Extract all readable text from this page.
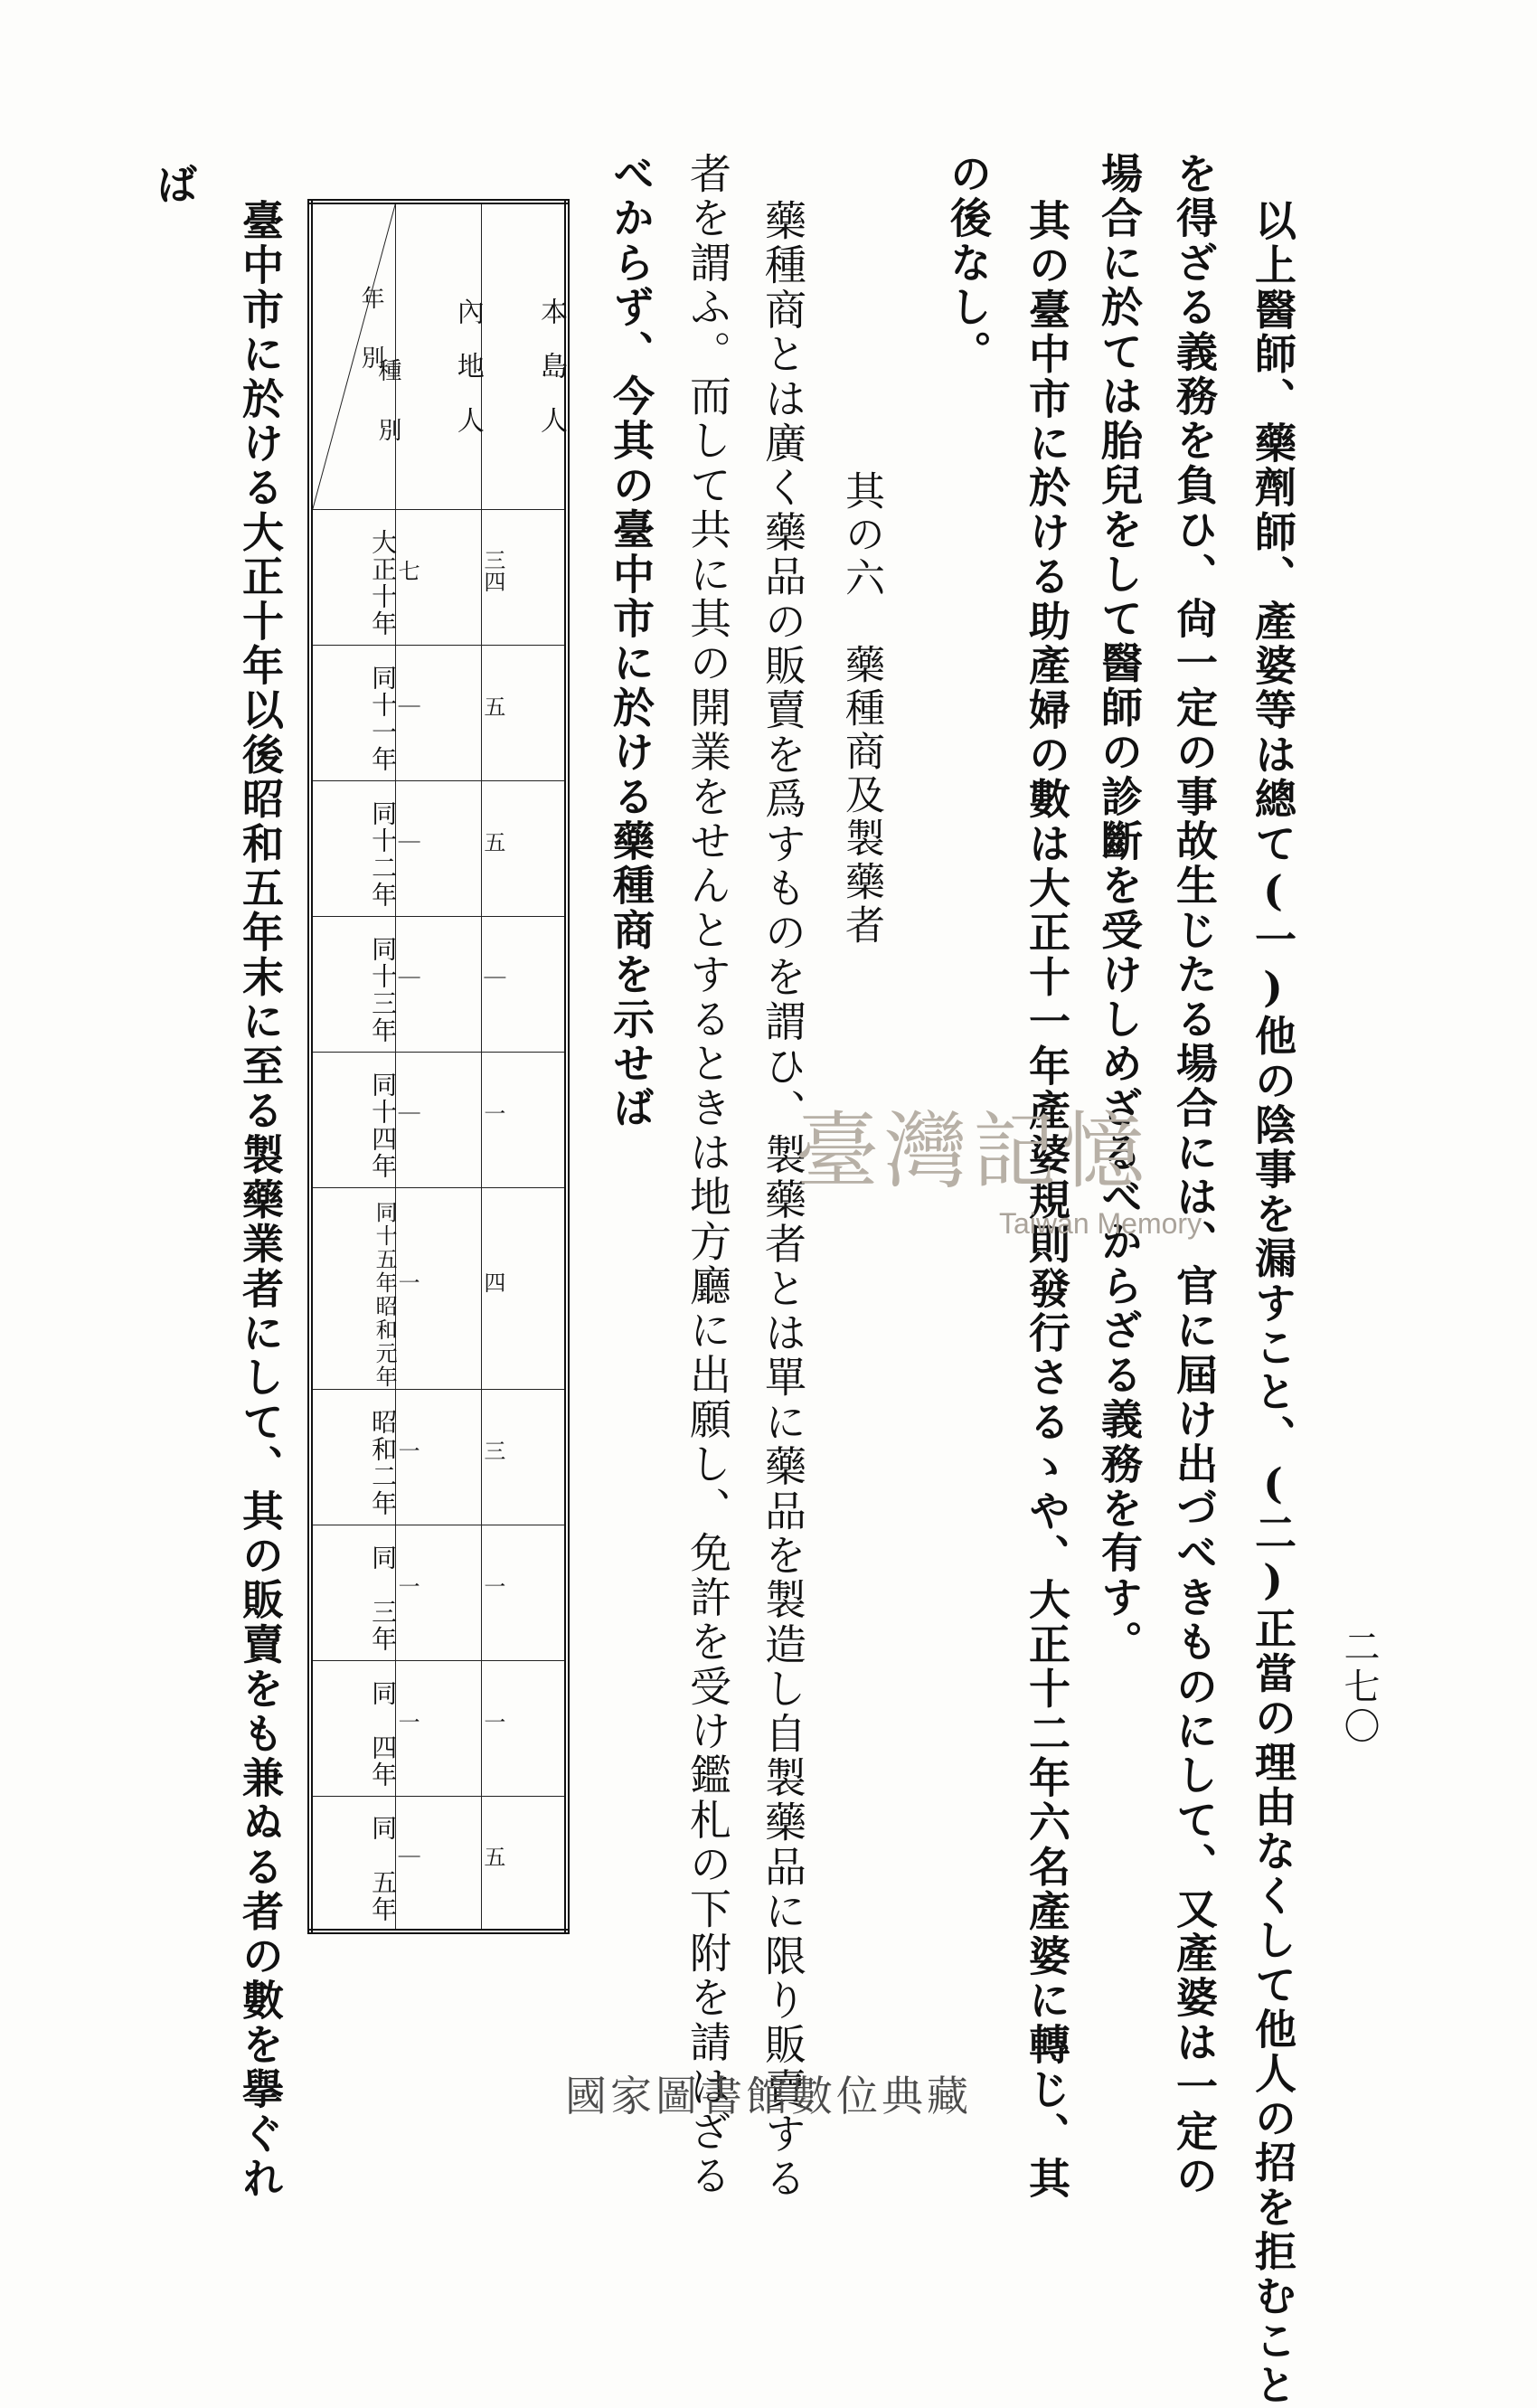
二七〇
以上醫師、藥劑師、產婆等は總て(一)他の陰事を漏すこと、(二)正當の理由なくして他人の招を拒むこと
を得ざる義務を負ひ、尙一定の事故生じたる場合には、官に屆け出づべきものにして、又產婆は一定の
場合に於ては胎兒をして醫師の診斷を受けしめざるべからざる義務を有す。
其の臺中市に於ける助產婦の數は大正十一年產婆規則發行さるゝや、大正十二年六名產婆に轉じ、其
の後なし。
其の六　藥種商及製藥者
藥種商とは廣く藥品の販賣を爲すものを謂ひ、製藥者とは單に藥品を製造し自製藥品に限り販賣する
者を謂ふ。而して共に其の開業をせんとするときは地方廳に出願し、免許を受け鑑札の下附を請はざる
べからず、今其の臺中市に於ける藥種商を示せば
年別
種別	內地人	本島人
大正十年	七	三四
同十一年	｜	五
同十二年	｜	五
同十三年	｜	｜
同十四年	｜	一
同十五年昭和元年	一	四
昭和二年	一	三
同　三年	一	一
同　四年	一	一
同　五年	｜	五
臺中市に於ける大正十年以後昭和五年末に至る製藥業者にして、其の販賣をも兼ぬる者の數を擧ぐれ
ば
臺灣記憶
Taiwan Memory
國家圖書館數位典藏
